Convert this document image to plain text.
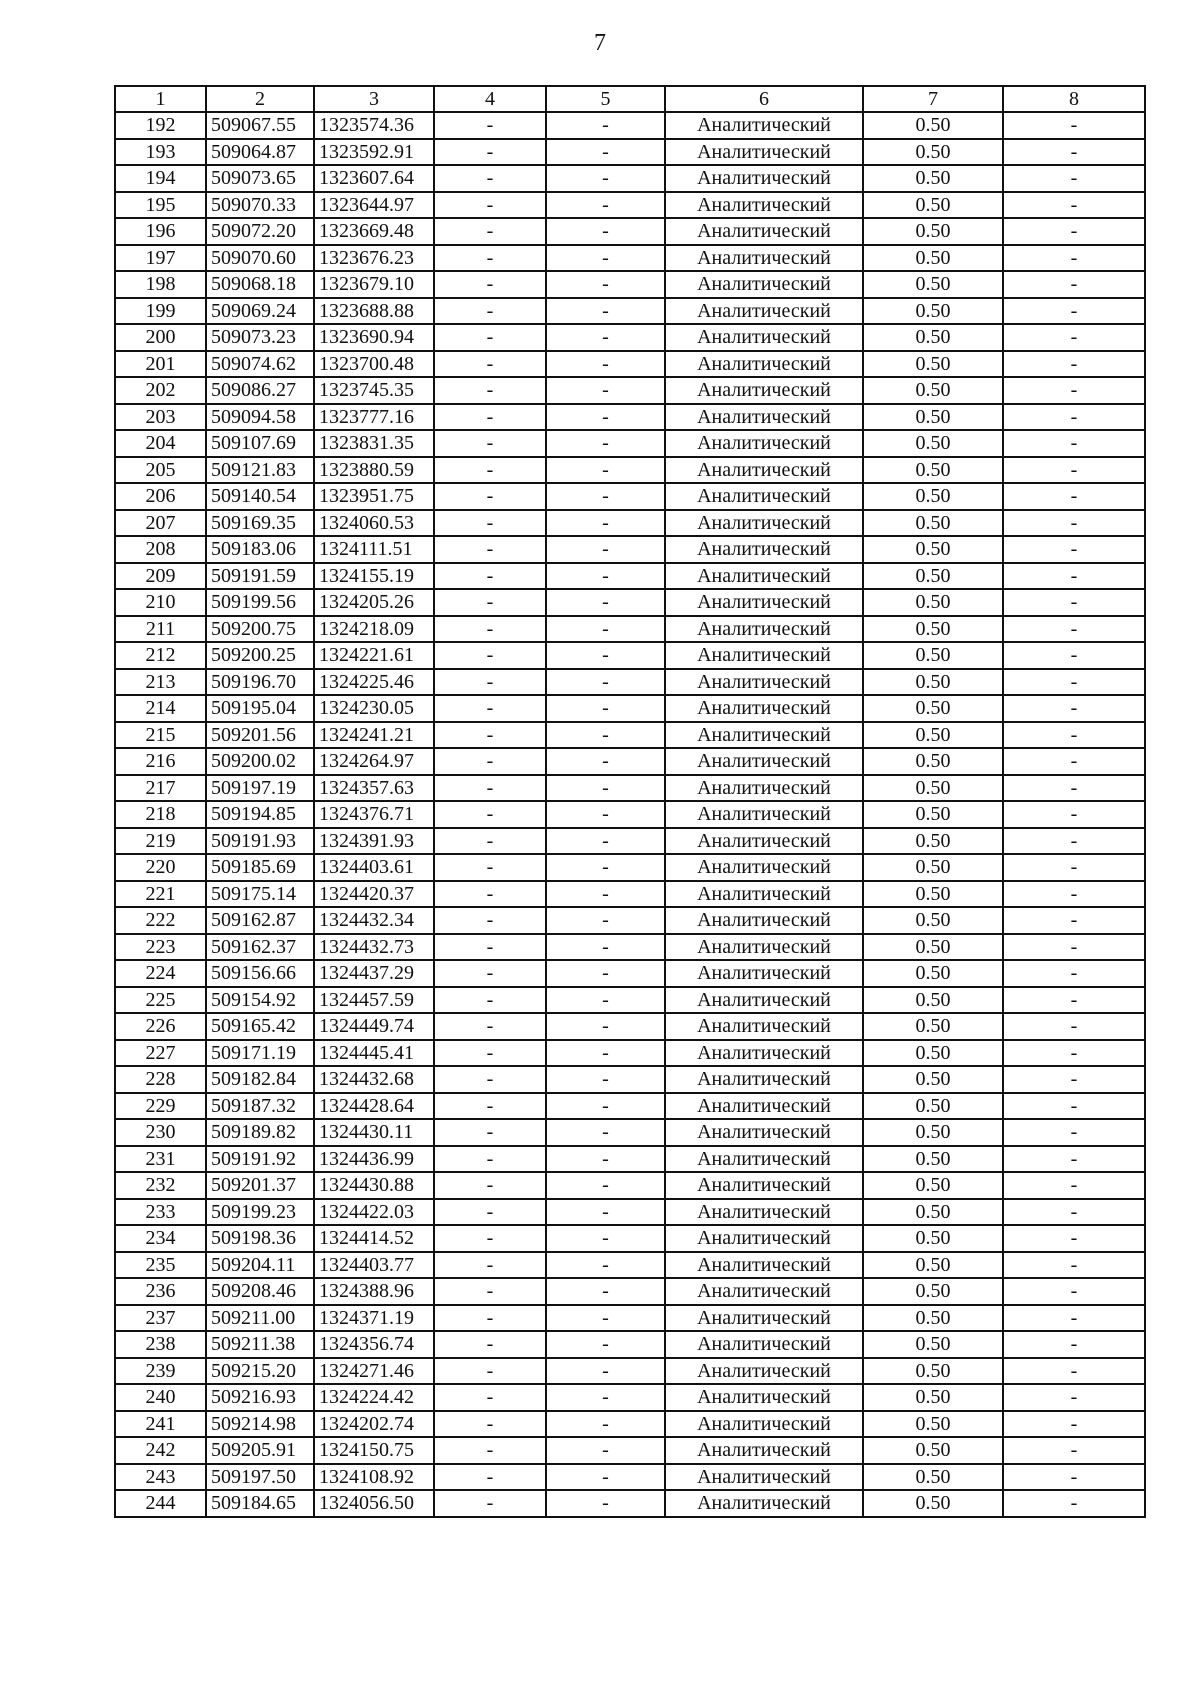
7
1	2	3	4	5	6	7	8
192	509067.55	1323574.36	-	-	Аналитический	0.50	-
193	509064.87	1323592.91	-	-	Аналитический	0.50	-
194	509073.65	1323607.64	-	-	Аналитический	0.50	-
195	509070.33	1323644.97	-	-	Аналитический	0.50	-
196	509072.20	1323669.48	-	-	Аналитический	0.50	-
197	509070.60	1323676.23	-	-	Аналитический	0.50	-
198	509068.18	1323679.10	-	-	Аналитический	0.50	-
199	509069.24	1323688.88	-	-	Аналитический	0.50	-
200	509073.23	1323690.94	-	-	Аналитический	0.50	-
201	509074.62	1323700.48	-	-	Аналитический	0.50	-
202	509086.27	1323745.35	-	-	Аналитический	0.50	-
203	509094.58	1323777.16	-	-	Аналитический	0.50	-
204	509107.69	1323831.35	-	-	Аналитический	0.50	-
205	509121.83	1323880.59	-	-	Аналитический	0.50	-
206	509140.54	1323951.75	-	-	Аналитический	0.50	-
207	509169.35	1324060.53	-	-	Аналитический	0.50	-
208	509183.06	1324111.51	-	-	Аналитический	0.50	-
209	509191.59	1324155.19	-	-	Аналитический	0.50	-
210	509199.56	1324205.26	-	-	Аналитический	0.50	-
211	509200.75	1324218.09	-	-	Аналитический	0.50	-
212	509200.25	1324221.61	-	-	Аналитический	0.50	-
213	509196.70	1324225.46	-	-	Аналитический	0.50	-
214	509195.04	1324230.05	-	-	Аналитический	0.50	-
215	509201.56	1324241.21	-	-	Аналитический	0.50	-
216	509200.02	1324264.97	-	-	Аналитический	0.50	-
217	509197.19	1324357.63	-	-	Аналитический	0.50	-
218	509194.85	1324376.71	-	-	Аналитический	0.50	-
219	509191.93	1324391.93	-	-	Аналитический	0.50	-
220	509185.69	1324403.61	-	-	Аналитический	0.50	-
221	509175.14	1324420.37	-	-	Аналитический	0.50	-
222	509162.87	1324432.34	-	-	Аналитический	0.50	-
223	509162.37	1324432.73	-	-	Аналитический	0.50	-
224	509156.66	1324437.29	-	-	Аналитический	0.50	-
225	509154.92	1324457.59	-	-	Аналитический	0.50	-
226	509165.42	1324449.74	-	-	Аналитический	0.50	-
227	509171.19	1324445.41	-	-	Аналитический	0.50	-
228	509182.84	1324432.68	-	-	Аналитический	0.50	-
229	509187.32	1324428.64	-	-	Аналитический	0.50	-
230	509189.82	1324430.11	-	-	Аналитический	0.50	-
231	509191.92	1324436.99	-	-	Аналитический	0.50	-
232	509201.37	1324430.88	-	-	Аналитический	0.50	-
233	509199.23	1324422.03	-	-	Аналитический	0.50	-
234	509198.36	1324414.52	-	-	Аналитический	0.50	-
235	509204.11	1324403.77	-	-	Аналитический	0.50	-
236	509208.46	1324388.96	-	-	Аналитический	0.50	-
237	509211.00	1324371.19	-	-	Аналитический	0.50	-
238	509211.38	1324356.74	-	-	Аналитический	0.50	-
239	509215.20	1324271.46	-	-	Аналитический	0.50	-
240	509216.93	1324224.42	-	-	Аналитический	0.50	-
241	509214.98	1324202.74	-	-	Аналитический	0.50	-
242	509205.91	1324150.75	-	-	Аналитический	0.50	-
243	509197.50	1324108.92	-	-	Аналитический	0.50	-
244	509184.65	1324056.50	-	-	Аналитический	0.50	-
